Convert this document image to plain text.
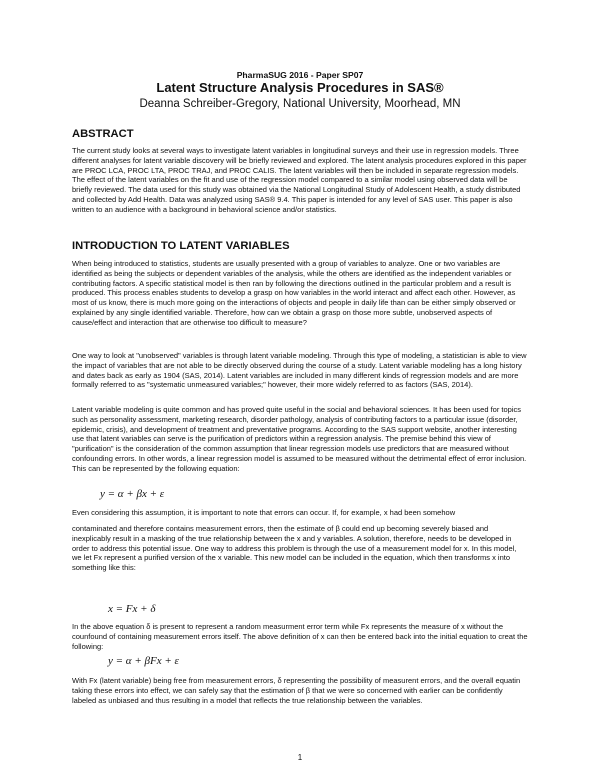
PharmaSUG 2016 - Paper SP07
Latent Structure Analysis Procedures in SAS®
Deanna Schreiber-Gregory, National University, Moorhead, MN
ABSTRACT

The current study looks at several ways to investigate latent variables in longitudinal surveys and their use in regression models. Three different analyses for latent variable discovery will be briefly reviewed and explored. The latent analysis procedures explored in this paper are PROC LCA, PROC LTA, PROC TRAJ, and PROC CALIS. The latent variables will then be included in separate regression models. The effect of the latent variables on the fit and use of the regression model compared to a similar model using observed data will be briefly reviewed. The data used for this study was obtained via the National Longitudinal Study of Adolescent Health, a study distributed and collected by Add Health. Data was analyzed using SAS® 9.4. This paper is intended for any level of SAS user. This paper is also written to an audience with a background in behavioral science and/or statistics.

INTRODUCTION TO LATENT VARIABLES

When being introduced to statistics, students are usually presented with a group of variables to analyze. One or two variables are identified as being the subjects or dependent variables of the analysis, while the others are identified as the independent variables or contributing factors. A specific statistical model is then ran by following the directions outlined in the particular problem and a result is produced. This process enables students to develop a grasp on how variables in the world interact and affect each other. However, as most of us know, there is much more going on the interactions of objects and people in daily life than can be either simply observed or explained by any single identified variable. Therefore, how can we obtain a grasp on those more subtle, unobserved aspects of cause/effect and interaction that are otherwise too difficult to measure?

One way to look at "unobserved" variables is through latent variable modeling. Through this type of modeling, a statistician is able to view the impact of variables that are not able to be directly observed during the course of a study. Latent variable modeling has a long history and dates back as early as 1904 (SAS, 2014). Latent variables are included in many different kinds of regression models and are more formally referred to as "systematic unmeasured variables;" however, their more widely referred to as factors (SAS, 2014).

Latent variable modeling is quite common and has proved quite useful in the social and behavioral sciences. It has been used for topics such as personality assessment, marketing research, disorder pathology, analysis of contributing factors to a particular issue (disorder, epidemic, crisis), and development of treatment and preventative programs. According to the SAS support website, another interesting use that latent variables can serve is the purification of predictors within a regression analysis. The premise behind this view of "purification" is the consideration of the common assumption that linear regression models use predictors that are measured without confounding errors. In other words, a linear regression model is assumed to be measured without the detrimental effect of error inclusion. This can be represented by the following equation:

y = α + βx + ε

Even considering this assumption, it is important to note that errors can occur. If, for example, x had been somehow

contaminated and therefore contains measurement errors, then the estimate of β could end up becoming severely biased and inexplicably result in a masking of the true relationship between the x and y variables. A solution, therefore, needs to be developed in order to address this potential issue. One way to address this problem is through the use of a measurement model for x. In this model, we let Fx represent a purified version of the x variable. This new model can be included in the equation, which then transforms x into something like this:

x = Fx + δ

In the above equation δ is present to represent a random measurment error term while Fx represents the measure of x without the counfound of containing measurement errors itself. The above definition of x can then be entered back into the initial equation to creat the following:

y = α + βFx + ε

With Fx (latent variable) being free from measurement errors, δ representing the possibility of measurent errors, and the overall equatin taking these errors into effect, we can safely say that the estimation of β that we were so concerned with earlier can be confidently labeled as unbiased and thus resulting in a model that reflects the true relationship between the variables.

1
